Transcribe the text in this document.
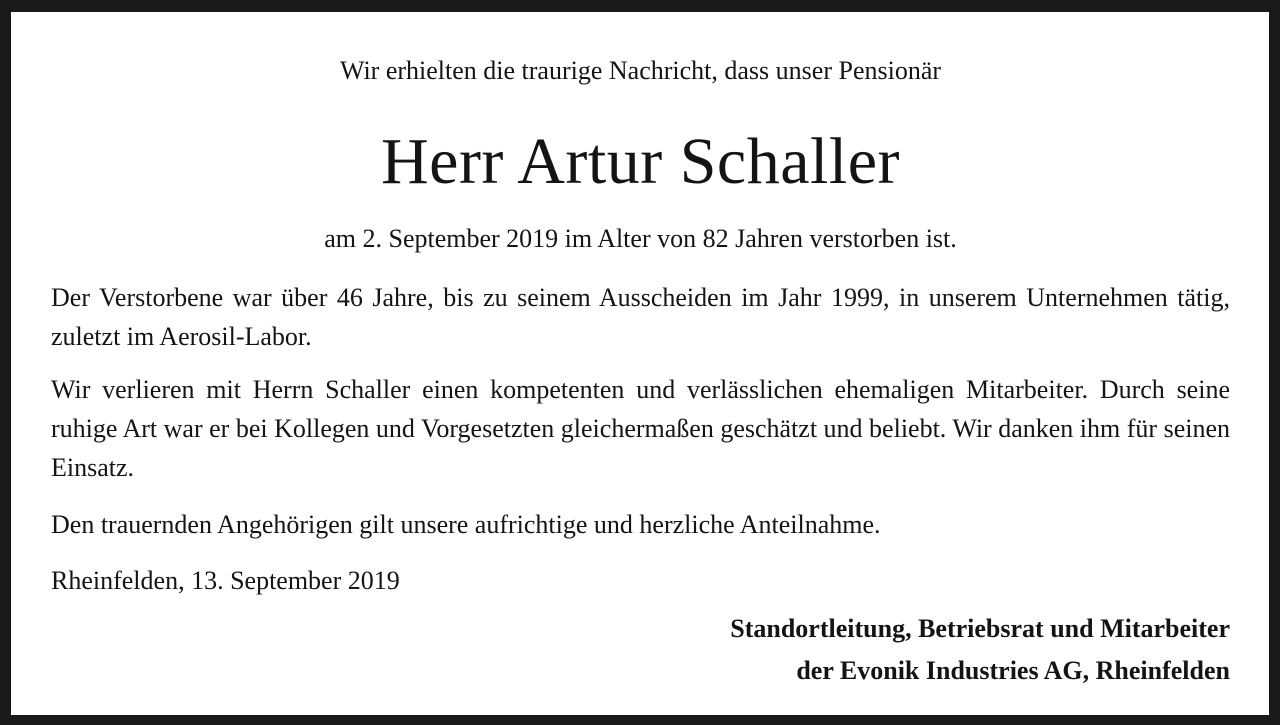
Wir erhielten die traurige Nachricht, dass unser Pensionär

Herr Artur Schaller

am 2. September 2019 im Alter von 82 Jahren verstorben ist.

Der Verstorbene war über 46 Jahre, bis zu seinem Ausscheiden im Jahr 1999, in unserem Unternehmen tätig, zuletzt im Aerosil-Labor.

Wir verlieren mit Herrn Schaller einen kompetenten und verlässlichen ehemaligen Mitarbeiter. Durch seine ruhige Art war er bei Kollegen und Vorgesetzten gleichermaßen geschätzt und beliebt. Wir danken ihm für seinen Einsatz.

Den trauernden Angehörigen gilt unsere aufrichtige und herzliche Anteilnahme.

Rheinfelden, 13. September 2019

Standortleitung, Betriebsrat und Mitarbeiter
der Evonik Industries AG, Rheinfelden
